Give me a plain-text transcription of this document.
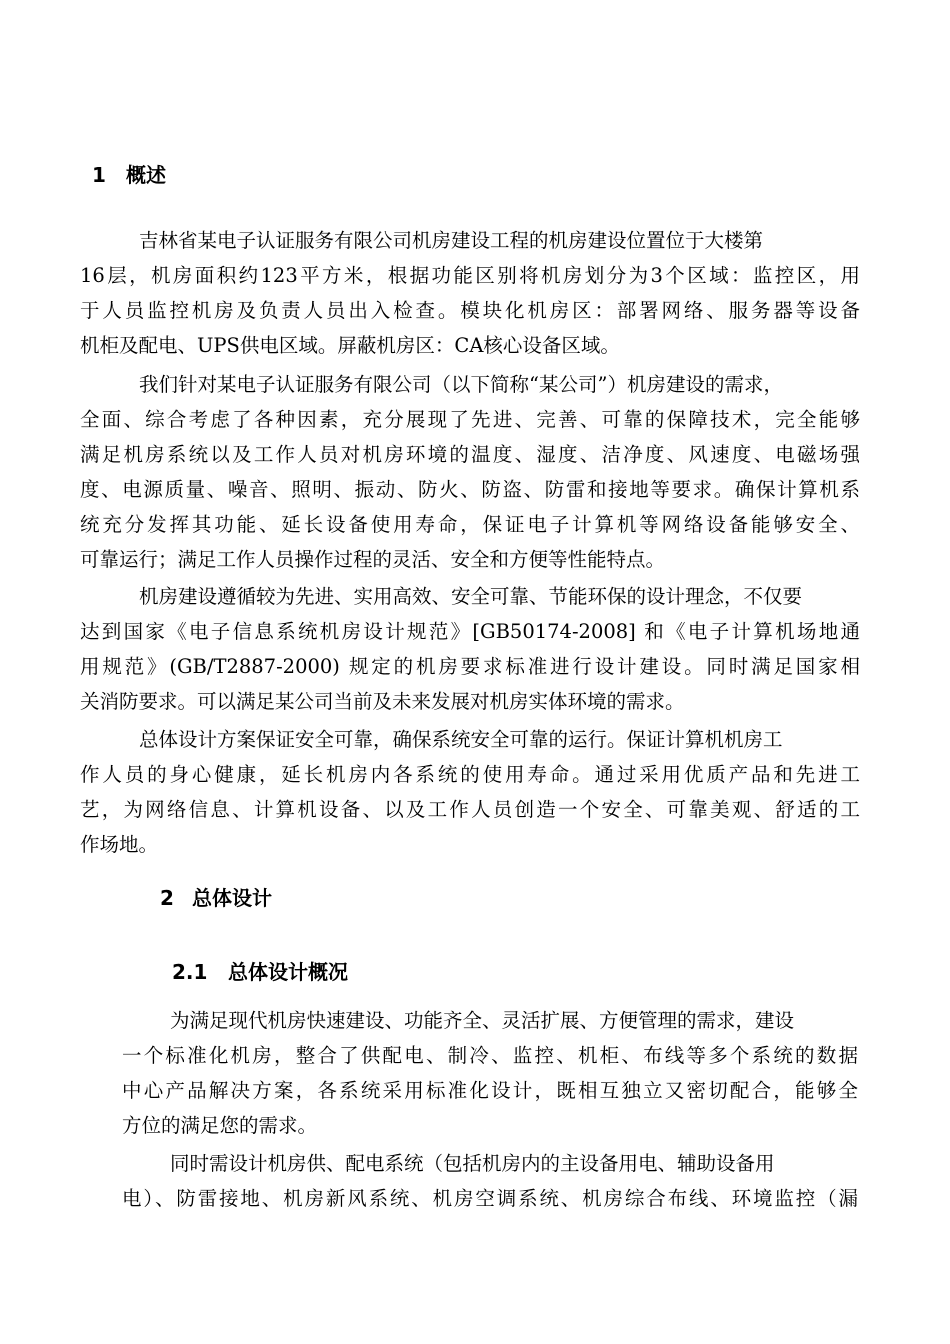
1 概述
吉林省某电子认证服务有限公司机房建设工程的机房建设位置位于大楼第
16层，机房面积约123平方米，根据功能区别将机房划分为3个区域：监控区，用
于人员监控机房及负责人员出入检查。模块化机房区：部署网络、服务器等设备
机柜及配电、UPS供电区域。屏蔽机房区：CA核心设备区域。
我们针对某电子认证服务有限公司（以下简称“某公司”）机房建设的需求，
全面、综合考虑了各种因素，充分展现了先进、完善、可靠的保障技术，完全能够
满足机房系统以及工作人员对机房环境的温度、湿度、洁净度、风速度、电磁场强
度、电源质量、噪音、照明、振动、防火、防盗、防雷和接地等要求。确保计算机系
统充分发挥其功能、延长设备使用寿命，保证电子计算机等网络设备能够安全、
可靠运行；满足工作人员操作过程的灵活、安全和方便等性能特点。
机房建设遵循较为先进、实用高效、安全可靠、节能环保的设计理念，不仅要
达到国家《电子信息系统机房设计规范》[GB50174-2008] 和《电子计算机场地通
用规范》(GB/T2887-2000) 规定的机房要求标准进行设计建设。同时满足国家相
关消防要求。可以满足某公司当前及未来发展对机房实体环境的需求。
总体设计方案保证安全可靠，确保系统安全可靠的运行。保证计算机机房工
作人员的身心健康，延长机房内各系统的使用寿命。通过采用优质产品和先进工
艺，为网络信息、计算机设备、以及工作人员创造一个安全、可靠美观、舒适的工
作场地。
2 总体设计
2.1 总体设计概况
为满足现代机房快速建设、功能齐全、灵活扩展、方便管理的需求，建设
一个标准化机房，整合了供配电、制冷、监控、机柜、布线等多个系统的数据
中心产品解决方案，各系统采用标准化设计，既相互独立又密切配合，能够全
方位的满足您的需求。
同时需设计机房供、配电系统（包括机房内的主设备用电、辅助设备用
电）、防雷接地、机房新风系统、机房空调系统、机房综合布线、环境监控（漏
